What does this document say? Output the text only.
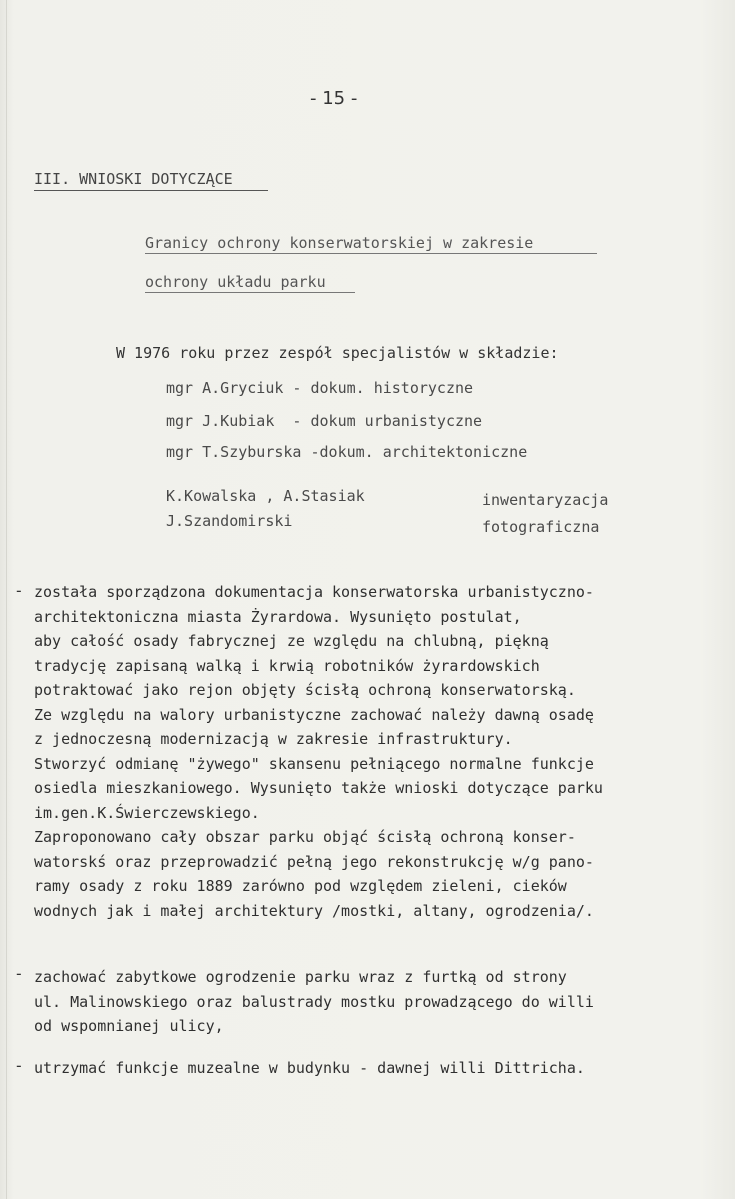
- 15 -
III. WNIOSKI DOTYCZĄCE
Granicy ochrony konserwatorskiej w zakresie
ochrony układu parku
W 1976 roku przez zespół specjalistów w składzie:
mgr A.Gryciuk - dokum. historyczne
mgr J.Kubiak  - dokum urbanistyczne
mgr T.Szyburska -dokum. architektoniczne
K.Kowalska , A.Stasiak
J.Szandomirski
inwentaryzacja
fotograficzna
- została sporządzona dokumentacja konserwatorska urbanistyczno-
architektoniczna miasta Żyrardowa. Wysunięto postulat,
aby całość osady fabrycznej ze względu na chlubną, piękną
tradycję zapisaną walką i krwią robotników żyrardowskich
potraktować jako rejon objęty ścisłą ochroną konserwatorską.
Ze względu na walory urbanistyczne zachować należy dawną osadę
z jednoczesną modernizacją w zakresie infrastruktury.
Stworzyć odmianę "żywego" skansenu pełniącego normalne funkcje
osiedla mieszkaniowego. Wysunięto także wnioski dotyczące parku
im.gen.K.Świerczewskiego.
Zaproponowano cały obszar parku objąć ścisłą ochroną konser-
watorskś oraz przeprowadzić pełną jego rekonstrukcję w/g pano-
ramy osady z roku 1889 zarówno pod względem zieleni, cieków
wodnych jak i małej architektury /mostki, altany, ogrodzenia/.
- zachować zabytkowe ogrodzenie parku wraz z furtką od strony
ul. Malinowskiego oraz balustrady mostku prowadzącego do willi
od wspomnianej ulicy,
- utrzymać funkcje muzealne w budynku - dawnej willi Dittricha.
